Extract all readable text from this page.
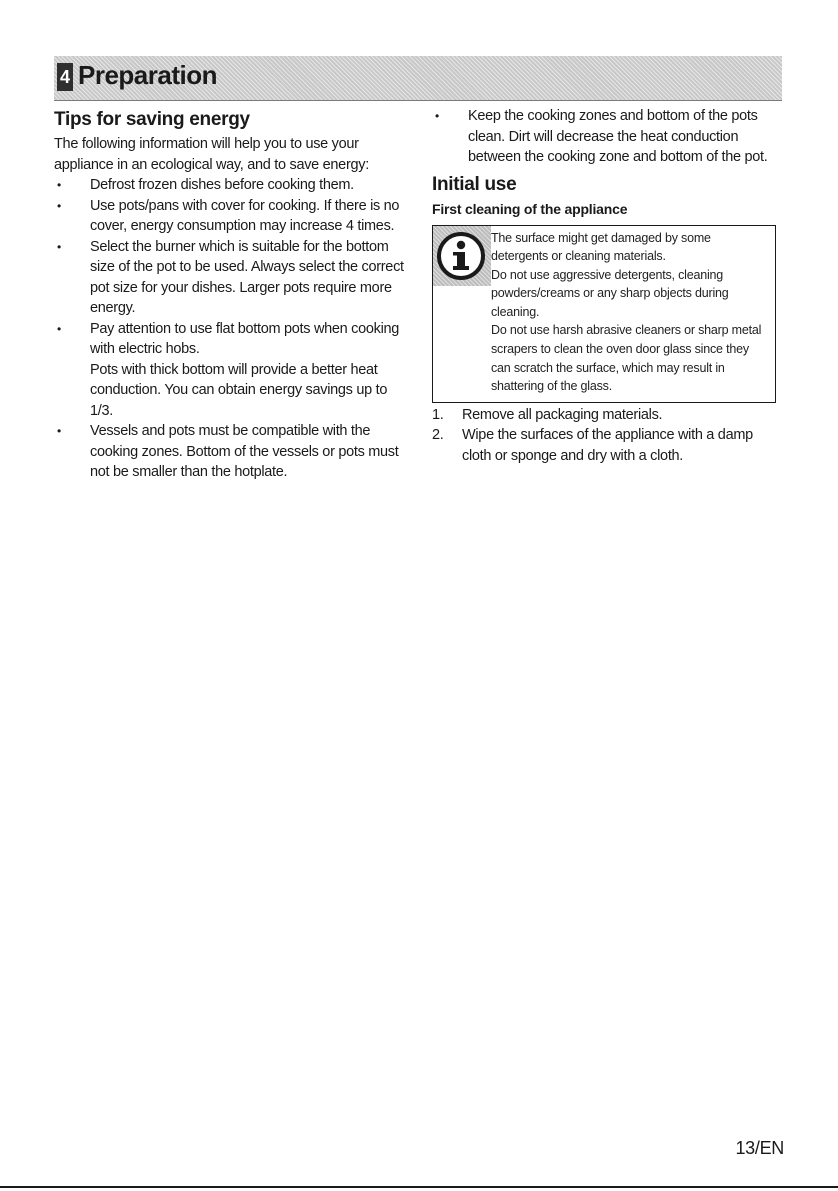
4 Preparation
Tips for saving energy

The following information will help you to use your appliance in an ecological way, and to save energy:

• Defrost frozen dishes before cooking them.
• Use pots/pans with cover for cooking. If there is no cover, energy consumption may increase 4 times.
• Select the burner which is suitable for the bottom size of the pot to be used. Always select the correct pot size for your dishes. Larger pots require more energy.
• Pay attention to use flat bottom pots when cooking with electric hobs.
Pots with thick bottom will provide a better heat conduction. You can obtain energy savings up to 1/3.
• Vessels and pots must be compatible with the cooking zones. Bottom of the vessels or pots must not be smaller than the hotplate.
• Keep the cooking zones and bottom of the pots clean. Dirt will decrease the heat conduction between the cooking zone and bottom of the pot.
Initial use
First cleaning of the appliance

The surface might get damaged by some detergents or cleaning materials.

Do not use aggressive detergents, cleaning powders/creams or any sharp objects during cleaning.

Do not use harsh abrasive cleaners or sharp metal scrapers to clean the oven door glass since they can scratch the surface, which may result in shattering of the glass.

1. Remove all packaging materials.
2. Wipe the surfaces of the appliance with a damp cloth or sponge and dry with a cloth.
13/EN
